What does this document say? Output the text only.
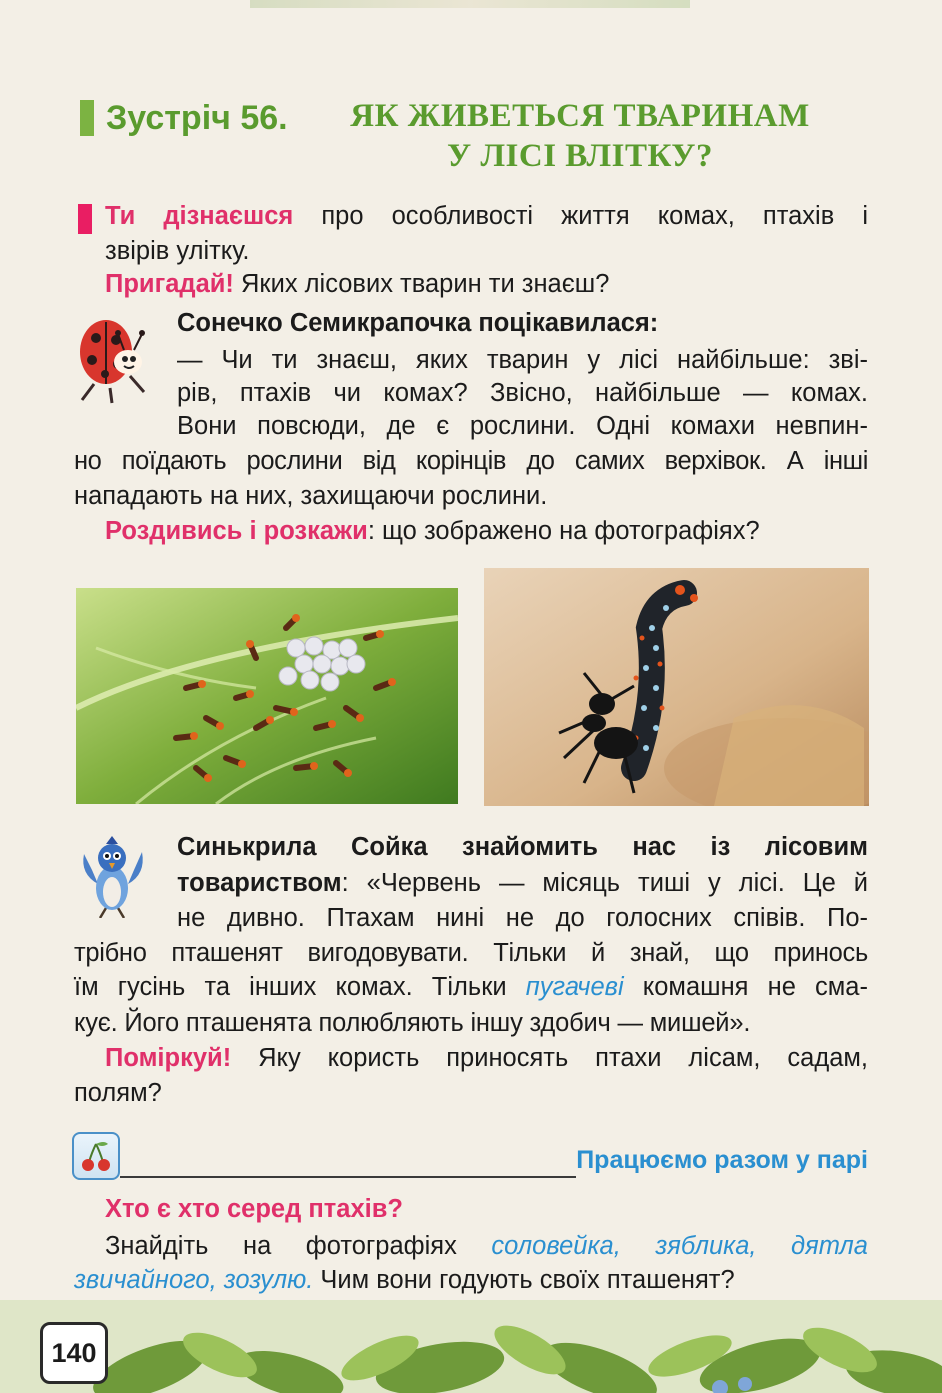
Зустріч 56.	ЯК ЖИВЕТЬСЯ ТВАРИНАМ
У ЛІСІ ВЛІТКУ?

Ти дізнаєшся про особливості життя комах, птахів і

звірів улітку.

Пригадай! Яких лісових тварин ти знаєш?

Сонечко Семикрапочка поцікавилася:

— Чи ти знаєш, яких тварин у лісі найбільше: зві-

рів, птахів чи комах? Звісно, найбільше — комах.

Вони повсюди, де є рослини. Одні комахи невпин-

но поїдають рослини від корінців до самих верхівок. А інші

нападають на них, захищаючи рослини.

Роздивись і розкажи: що зображено на фотографіях?

Синькрила Сойка знайомить нас із лісовим

товариством: «Червень — місяць тиші у лісі. Це й

не дивно. Птахам нині не до голосних співів. По-

трібно пташенят вигодовувати. Тільки й знай, що принось

їм гусінь та інших комах. Тільки пугачеві комашня не сма-

кує. Його пташенята полюбляють іншу здобич — мишей».

Поміркуй! Яку користь приносять птахи лісам, садам,

полям?

Працюємо разом у парі

Хто є хто серед птахів?

Знайдіть на фотографіях соловейка, зяблика, дятла

звичайного, зозулю. Чим вони годують своїх пташенят?

140
